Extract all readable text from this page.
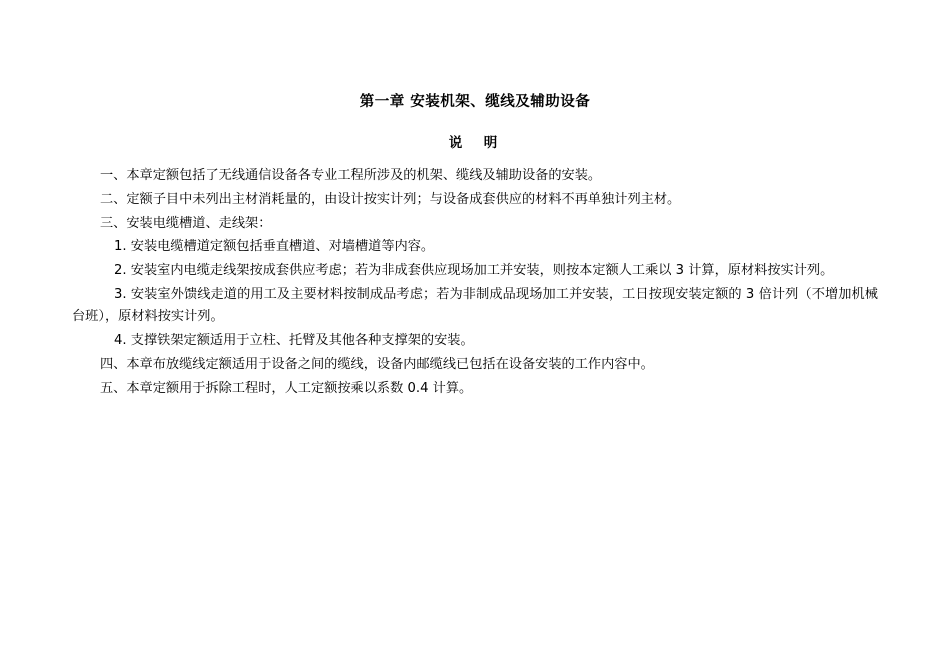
第一章 安装机架、缆线及辅助设备
说　明

一、本章定额包括了无线通信设备各专业工程所涉及的机架、缆线及辅助设备的安装。

二、定额子目中未列出主材消耗量的，由设计按实计列；与设备成套供应的材料不再单独计列主材。

三、安装电缆槽道、走线架：

1. 安装电缆槽道定额包括垂直槽道、对墙槽道等内容。

2. 安装室内电缆走线架按成套供应考虑；若为非成套供应现场加工并安装，则按本定额人工乘以 3 计算，原材料按实计列。

3. 安装室外馈线走道的用工及主要材料按制成品考虑；若为非制成品现场加工并安装，工日按现安装定额的 3 倍计列（不增加机械台班），原材料按实计列。

4. 支撑铁架定额适用于立柱、托臂及其他各种支撑架的安装。

四、本章布放缆线定额适用于设备之间的缆线，设备内邮缆线已包括在设备安装的工作内容中。

五、本章定额用于拆除工程时，人工定额按乘以系数 0.4 计算。
